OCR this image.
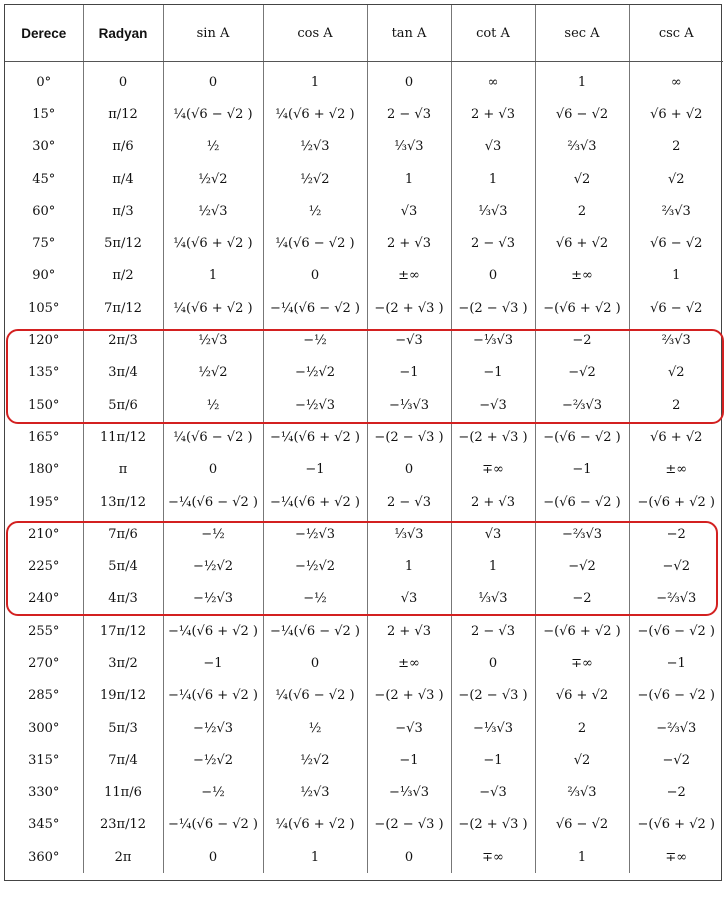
Derece	Radyan	sin A	cos A	tan A	cot A	sec A	csc A
0°	0	0	1	0	∞	1	∞
15°	π/12	¼(√6 − √2 )	¼(√6 + √2 )	2 − √3	2 + √3	√6 − √2	√6 + √2
30°	π/6	½	½√3	⅓√3	√3	⅔√3	2
45°	π/4	½√2	½√2	1	1	√2	√2
60°	π/3	½√3	½	√3	⅓√3	2	⅔√3
75°	5π/12	¼(√6 + √2 )	¼(√6 − √2 )	2 + √3	2 − √3	√6 + √2	√6 − √2
90°	π/2	1	0	±∞	0	±∞	1
105°	7π/12	¼(√6 + √2 )	−¼(√6 − √2 )	−(2 + √3 )	−(2 − √3 )	−(√6 + √2 )	√6 − √2
120°	2π/3	½√3	−½	−√3	−⅓√3	−2	⅔√3
135°	3π/4	½√2	−½√2	−1	−1	−√2	√2
150°	5π/6	½	−½√3	−⅓√3	−√3	−⅔√3	2
165°	11π/12	¼(√6 − √2 )	−¼(√6 + √2 )	−(2 − √3 )	−(2 + √3 )	−(√6 − √2 )	√6 + √2
180°	π	0	−1	0	∓∞	−1	±∞
195°	13π/12	−¼(√6 − √2 )	−¼(√6 + √2 )	2 − √3	2 + √3	−(√6 − √2 )	−(√6 + √2 )
210°	7π/6	−½	−½√3	⅓√3	√3	−⅔√3	−2
225°	5π/4	−½√2	−½√2	1	1	−√2	−√2
240°	4π/3	−½√3	−½	√3	⅓√3	−2	−⅔√3
255°	17π/12	−¼(√6 + √2 )	−¼(√6 − √2 )	2 + √3	2 − √3	−(√6 + √2 )	−(√6 − √2 )
270°	3π/2	−1	0	±∞	0	∓∞	−1
285°	19π/12	−¼(√6 + √2 )	¼(√6 − √2 )	−(2 + √3 )	−(2 − √3 )	√6 + √2	−(√6 − √2 )
300°	5π/3	−½√3	½	−√3	−⅓√3	2	−⅔√3
315°	7π/4	−½√2	½√2	−1	−1	√2	−√2
330°	11π/6	−½	½√3	−⅓√3	−√3	⅔√3	−2
345°	23π/12	−¼(√6 − √2 )	¼(√6 + √2 )	−(2 − √3 )	−(2 + √3 )	√6 − √2	−(√6 + √2 )
360°	2π	0	1	0	∓∞	1	∓∞
